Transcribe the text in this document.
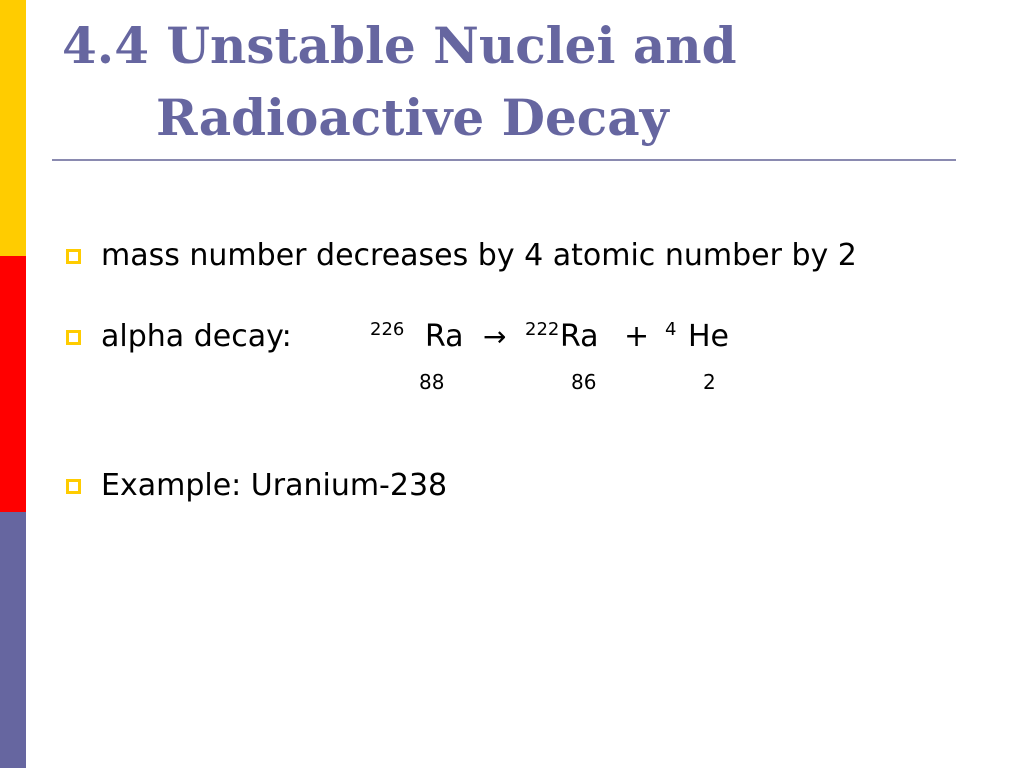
4.4 Unstable Nuclei and
Radioactive Decay
mass number decreases by 4 atomic number by 2
alpha decay:	226 Ra → 222 Ra + 4 He
88	86	2
Example: Uranium-238
